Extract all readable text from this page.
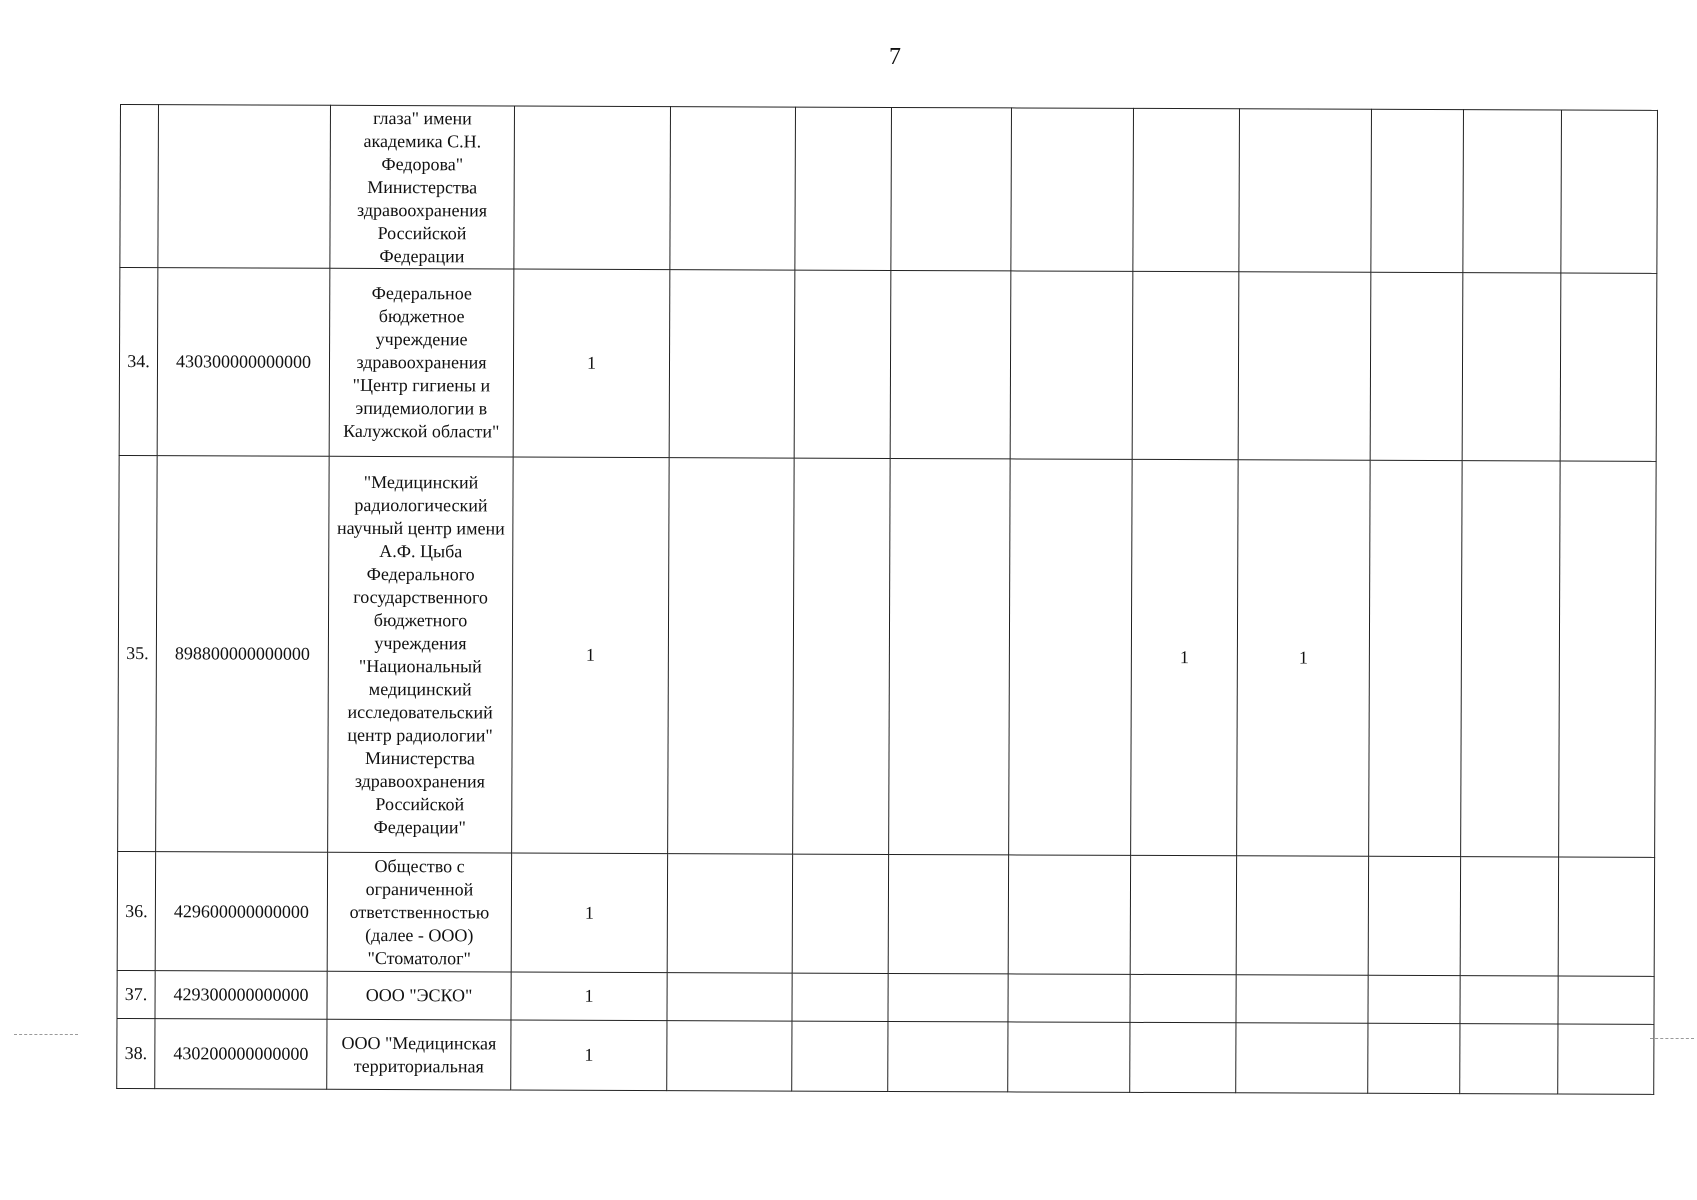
7
		глаза" имени академика С.Н. Федорова" Министерства здравоохранения Российской Федерации										
34.	430300000000000	Федеральное бюджетное учреждение здравоохранения "Центр гигиены и эпидемиологии в Калужской области"	1									
35.	898800000000000	"Медицинский радиологический научный центр имени А.Ф. Цыба Федерального государственного бюджетного учреждения "Национальный медицинский исследовательский центр радиологии" Министерства здравоохранения Российской Федерации"	1					1	1			
36.	429600000000000	Общество с ограниченной ответственностью (далее - ООО) "Стоматолог"	1									
37.	429300000000000	ООО "ЭСКО"	1									
38.	430200000000000	ООО "Медицинская территориальная	1									
